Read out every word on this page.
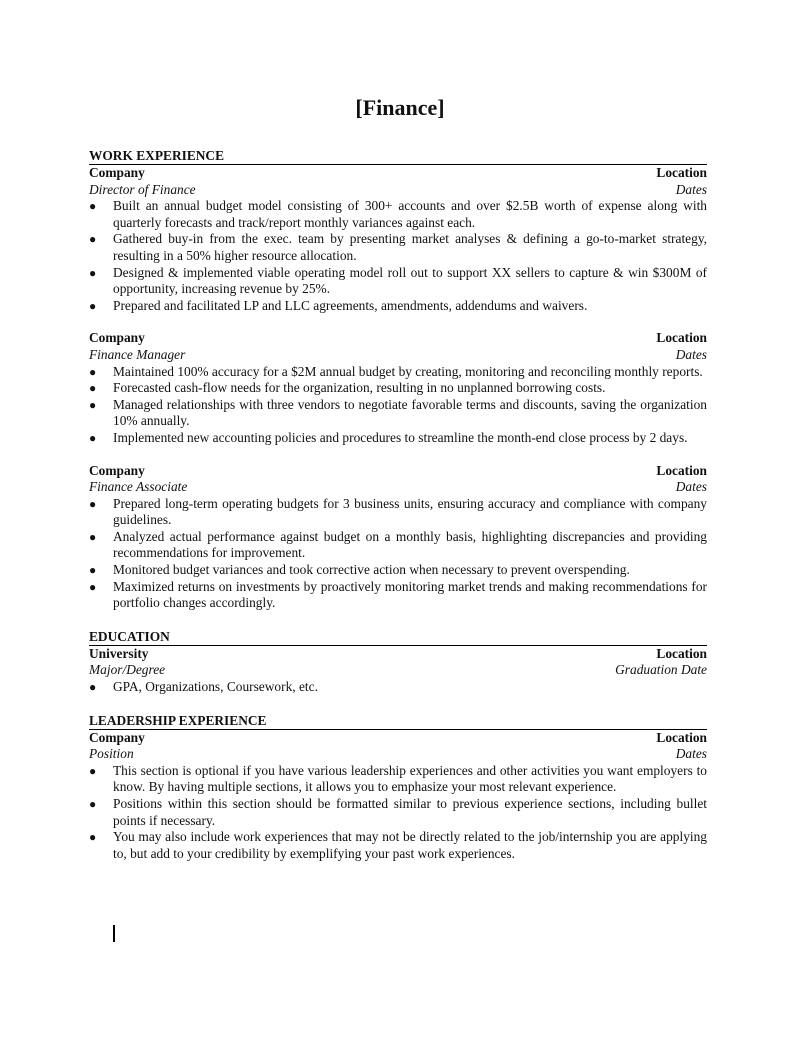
[Finance]
WORK EXPERIENCE
Company	Location
Director of Finance	Dates
●	Built an annual budget model consisting of 300+ accounts and over $2.5B worth of expense along with quarterly forecasts and track/report monthly variances against each.
●	Gathered buy-in from the exec. team by presenting market analyses & defining a go-to-market strategy, resulting in a 50% higher resource allocation.
●	Designed & implemented viable operating model roll out to support XX sellers to capture & win $300M of opportunity, increasing revenue by 25%.
●	Prepared and facilitated LP and LLC agreements, amendments, addendums and waivers.
Company	Location
Finance Manager	Dates
●	Maintained 100% accuracy for a $2M annual budget by creating, monitoring and reconciling monthly reports.
●	Forecasted cash-flow needs for the organization, resulting in no unplanned borrowing costs.
●	Managed relationships with three vendors to negotiate favorable terms and discounts, saving the organization 10% annually.
●	Implemented new accounting policies and procedures to streamline the month-end close process by 2 days.
Company	Location
Finance Associate	Dates
●	Prepared long-term operating budgets for 3 business units, ensuring accuracy and compliance with company guidelines.
●	Analyzed actual performance against budget on a monthly basis, highlighting discrepancies and providing recommendations for improvement.
●	Monitored budget variances and took corrective action when necessary to prevent overspending.
●	Maximized returns on investments by proactively monitoring market trends and making recommendations for portfolio changes accordingly.
EDUCATION
University	Location
Major/Degree	Graduation Date
●	GPA, Organizations, Coursework, etc.
LEADERSHIP EXPERIENCE
Company	Location
Position	Dates
●	This section is optional if you have various leadership experiences and other activities you want employers to know. By having multiple sections, it allows you to emphasize your most relevant experience.
●	Positions within this section should be formatted similar to previous experience sections, including bullet points if necessary.
●	You may also include work experiences that may not be directly related to the job/internship you are applying to, but add to your credibility by exemplifying your past work experiences.
